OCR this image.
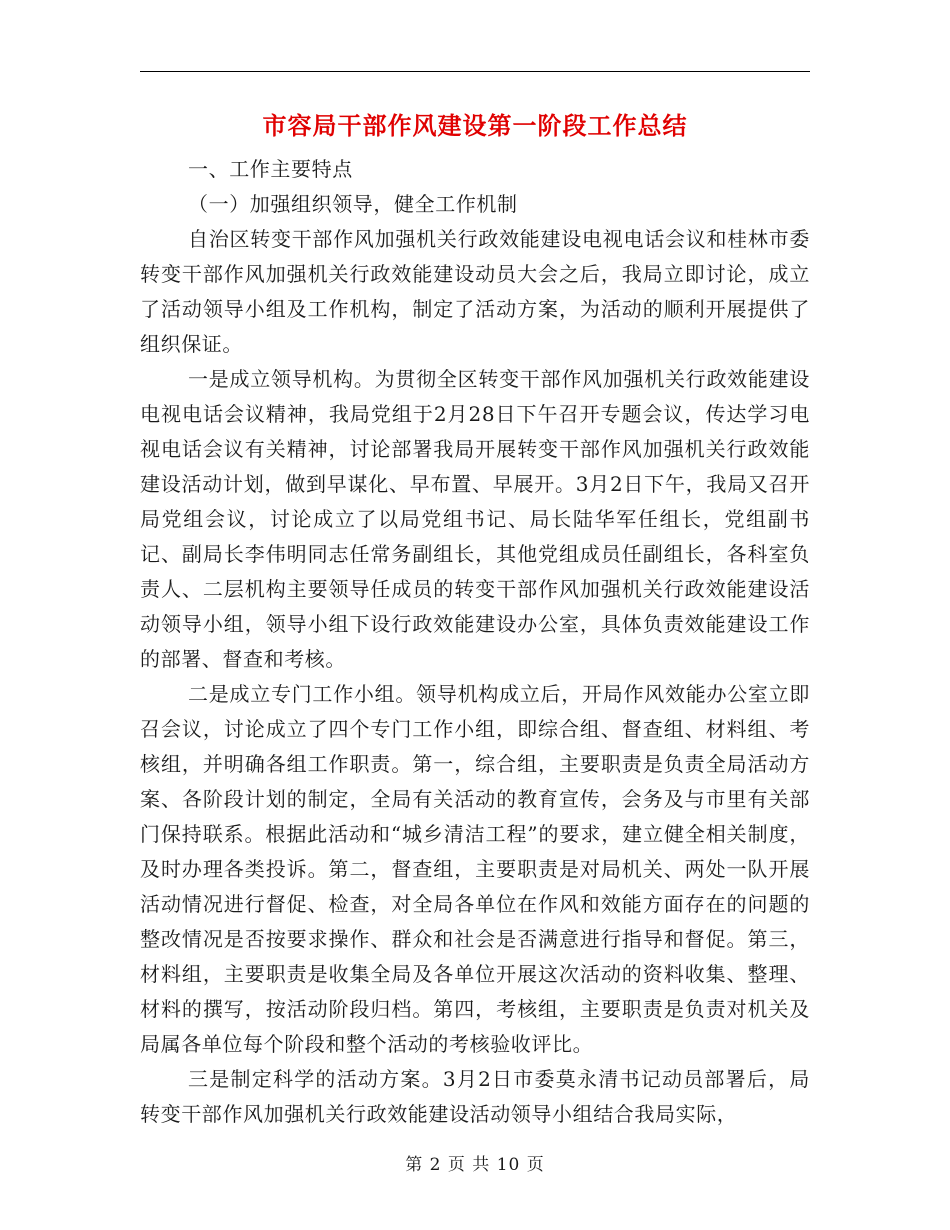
市容局干部作风建设第一阶段工作总结

一、工作主要特点

（一）加强组织领导，健全工作机制

自治区转变干部作风加强机关行政效能建设电视电话会议和桂林市委转变干部作风加强机关行政效能建设动员大会之后，我局立即讨论，成立了活动领导小组及工作机构，制定了活动方案，为活动的顺利开展提供了组织保证。

一是成立领导机构。为贯彻全区转变干部作风加强机关行政效能建设电视电话会议精神，我局党组于2月28日下午召开专题会议，传达学习电视电话会议有关精神，讨论部署我局开展转变干部作风加强机关行政效能建设活动计划，做到早谋化、早布置、早展开。3月2日下午，我局又召开局党组会议，讨论成立了以局党组书记、局长陆华军任组长，党组副书记、副局长李伟明同志任常务副组长，其他党组成员任副组长，各科室负责人、二层机构主要领导任成员的转变干部作风加强机关行政效能建设活动领导小组，领导小组下设行政效能建设办公室，具体负责效能建设工作的部署、督查和考核。

二是成立专门工作小组。领导机构成立后，开局作风效能办公室立即召会议，讨论成立了四个专门工作小组，即综合组、督查组、材料组、考核组，并明确各组工作职责。第一，综合组，主要职责是负责全局活动方案、各阶段计划的制定，全局有关活动的教育宣传，会务及与市里有关部门保持联系。根据此活动和“城乡清洁工程”的要求，建立健全相关制度，及时办理各类投诉。第二，督查组，主要职责是对局机关、两处一队开展活动情况进行督促、检查，对全局各单位在作风和效能方面存在的问题的整改情况是否按要求操作、群众和社会是否满意进行指导和督促。第三，材料组，主要职责是收集全局及各单位开展这次活动的资料收集、整理、材料的撰写，按活动阶段归档。第四，考核组，主要职责是负责对机关及局属各单位每个阶段和整个活动的考核验收评比。

三是制定科学的活动方案。3月2日市委莫永清书记动员部署后，局转变干部作风加强机关行政效能建设活动领导小组结合我局实际，

第 2 页 共 10 页
